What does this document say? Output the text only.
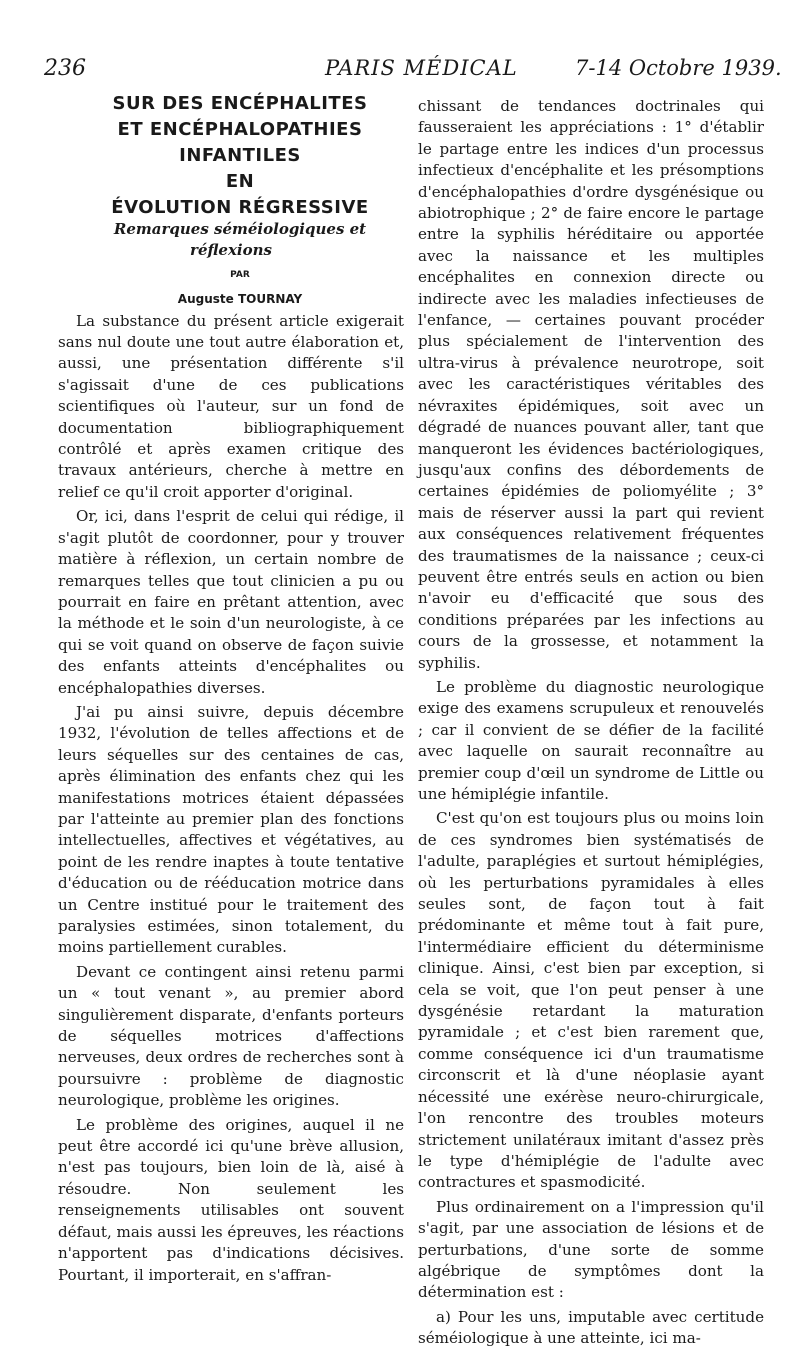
236	PARIS MÉDICAL	7-14 Octobre 1939.

SUR DES ENCÉPHALITES

ET ENCÉPHALOPATHIES

INFANTILES

EN

ÉVOLUTION RÉGRESSIVE

Remarques séméiologiques et réflexions

PAR

Auguste TOURNAY

La substance du présent article exigerait sans nul doute une tout autre élaboration et, aussi, une présentation différente s'il s'agissait d'une de ces publications scientifiques où l'auteur, sur un fond de documentation bibliographiquement contrôlé et après examen critique des travaux antérieurs, cherche à mettre en relief ce qu'il croit apporter d'original.

Or, ici, dans l'esprit de celui qui rédige, il s'agit plutôt de coordonner, pour y trouver matière à réflexion, un certain nombre de remarques telles que tout clinicien a pu ou pourrait en faire en prêtant attention, avec la méthode et le soin d'un neurologiste, à ce qui se voit quand on observe de façon suivie des enfants atteints d'encéphalites ou encéphalopathies diverses.

J'ai pu ainsi suivre, depuis décembre 1932, l'évolution de telles affections et de leurs séquelles sur des centaines de cas, après élimination des enfants chez qui les manifestations motrices étaient dépassées par l'atteinte au premier plan des fonctions intellectuelles, affectives et végétatives, au point de les rendre inaptes à toute tentative d'éducation ou de rééducation motrice dans un Centre institué pour le traitement des paralysies estimées, sinon totalement, du moins partiellement curables.

Devant ce contingent ainsi retenu parmi un « tout venant », au premier abord singulièrement disparate, d'enfants porteurs de séquelles motrices d'affections nerveuses, deux ordres de recherches sont à poursuivre : problème de diagnostic neurologique, problème les origines.

Le problème des origines, auquel il ne peut être accordé ici qu'une brève allusion, n'est pas toujours, bien loin de là, aisé à résoudre. Non seulement les renseignements utilisables ont souvent défaut, mais aussi les épreuves, les réactions n'apportent pas d'indications décisives. Pourtant, il importerait, en s'affran-

chissant de tendances doctrinales qui fausseraient les appréciations : 1° d'établir le partage entre les indices d'un processus infectieux d'encéphalite et les présomptions d'encéphalopathies d'ordre dysgénésique ou abiotrophique ; 2° de faire encore le partage entre la syphilis héréditaire ou apportée avec la naissance et les multiples encéphalites en connexion directe ou indirecte avec les maladies infectieuses de l'enfance, — certaines pouvant procéder plus spécialement de l'intervention des ultra-virus à prévalence neurotrope, soit avec les caractéristiques véritables des névraxites épidémiques, soit avec un dégradé de nuances pouvant aller, tant que manqueront les évidences bactériologiques, jusqu'aux confins des débordements de certaines épidémies de poliomyélite ; 3° mais de réserver aussi la part qui revient aux conséquences relativement fréquentes des traumatismes de la naissance ; ceux-ci peuvent être entrés seuls en action ou bien n'avoir eu d'efficacité que sous des conditions préparées par les infections au cours de la grossesse, et notamment la syphilis.

Le problème du diagnostic neurologique exige des examens scrupuleux et renouvelés ; car il convient de se défier de la facilité avec laquelle on saurait reconnaître au premier coup d'œil un syndrome de Little ou une hémiplégie infantile.

C'est qu'on est toujours plus ou moins loin de ces syndromes bien systématisés de l'adulte, paraplégies et surtout hémiplégies, où les perturbations pyramidales à elles seules sont, de façon tout à fait prédominante et même tout à fait pure, l'intermédiaire efficient du déterminisme clinique. Ainsi, c'est bien par exception, si cela se voit, que l'on peut penser à une dysgénésie retardant la maturation pyramidale ; et c'est bien rarement que, comme conséquence ici d'un traumatisme circonscrit et là d'une néoplasie ayant nécessité une exérèse neuro-chirurgicale, l'on rencontre des troubles moteurs strictement unilatéraux imitant d'assez près le type d'hémiplégie de l'adulte avec contractures et spasmodicité.

Plus ordinairement on a l'impression qu'il s'agit, par une association de lésions et de perturbations, d'une sorte de somme algébrique de symptômes dont la détermination est :

a) Pour les uns, imputable avec certitude séméiologique à une atteinte, ici ma-
